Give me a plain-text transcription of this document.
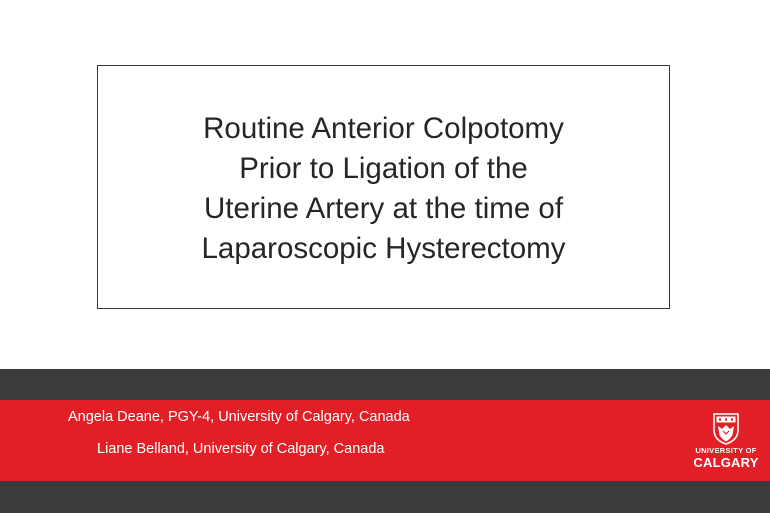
Routine Anterior Colpotomy
Prior to Ligation of the
Uterine Artery at the time of
Laparoscopic Hysterectomy

Angela Deane, PGY-4, University of Calgary, Canada

Liane Belland, University of Calgary, Canada	UNIVERSITY OF
CALGARY
